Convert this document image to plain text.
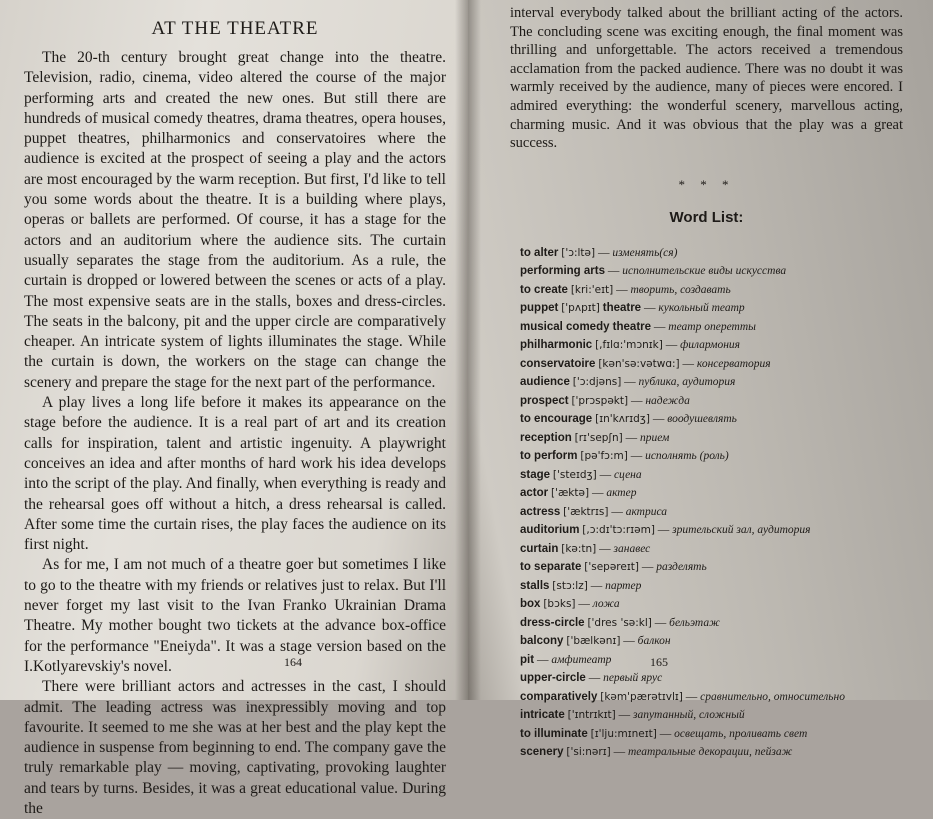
AT THE THEATRE

The 20-th century brought great change into the theatre. Television, radio, cinema, video altered the course of the major performing arts and created the new ones. But still there are hundreds of musical comedy theatres, drama theatres, opera houses, puppet theatres, philharmonics and conservatoires where the audience is excited at the prospect of seeing a play and the actors are most encouraged by the warm reception. But first, I'd like to tell you some words about the theatre. It is a building where plays, operas or ballets are performed. Of course, it has a stage for the actors and an auditorium where the audience sits. The curtain usually separates the stage from the auditorium. As a rule, the curtain is dropped or lowered between the scenes or acts of a play. The most expensive seats are in the stalls, boxes and dress-circles. The seats in the balcony, pit and the upper circle are comparatively cheaper. An intricate system of lights illuminates the stage. While the curtain is down, the workers on the stage can change the scenery and prepare the stage for the next part of the performance.

A play lives a long life before it makes its appearance on the stage before the audience. It is a real part of art and its creation calls for inspiration, talent and artistic ingenuity. A playwright conceives an idea and after months of hard work his idea develops into the script of the play. And finally, when everything is ready and the rehearsal goes off without a hitch, a dress rehearsal is called. After some time the curtain rises, the play faces the audience on its first night.

As for me, I am not much of a theatre goer but sometimes I like to go to the theatre with my friends or relatives just to relax. But I'll never forget my last visit to the Ivan Franko Ukrainian Drama Theatre. My mother bought two tickets at the advance box-office for the performance "Eneiyda". It was a stage version based on the I.Kotlyarevskiy's novel.

There were brilliant actors and actresses in the cast, I should admit. The leading actress was inexpressibly moving and top favourite. It seemed to me she was at her best and the play kept the audience in suspense from beginning to end. The company gave the truly remarkable play — moving, captivating, provoking laughter and tears by turns. Besides, it was a great educational value. During the

164

interval everybody talked about the brilliant acting of the actors. The concluding scene was exciting enough, the final moment was thrilling and unforgettable. The actors received a tremendous acclamation from the packed audience. There was no doubt it was warmly received by the audience, many of pieces were encored. I admired everything: the wonderful scenery, marvellous acting, charming music. And it was obvious that the play was a great success.

* * *
Word List:
to alter ['ɔ:ltə] — изменять(ся)
performing arts — исполнительские виды искусства
to create [kri:'eɪt] — творить, создавать
puppet ['pʌpɪt] theatre — кукольный театр
musical comedy theatre — театр оперетты
philharmonic [,fɪlɑ:'mɔnɪk] — филармония
conservatoire [kən'sə:vətwɑ:] — консерватория
audience ['ɔ:djəns] — публика, аудитория
prospect ['prɔspəkt] — надежда
to encourage [ɪn'kʌrɪdʒ] — воодушевлять
reception [rɪ'sepʃn] — прием
to perform [pə'fɔ:m] — исполнять (роль)
stage ['steɪdʒ] — сцена
actor ['æktə] — актер
actress ['æktrɪs] — актриса
auditorium [,ɔ:dɪ'tɔ:rɪəm] — зрительский зал, аудитория
curtain [kə:tn] — занавес
to separate ['sepəreɪt] — разделять
stalls [stɔ:lz] — партер
box [bɔks] — ложа
dress-circle ['dres 'sə:kl] — бельэтаж
balcony ['bælkənɪ] — балкон
pit — амфитеатр
upper-circle — первый ярус
comparatively [kəm'pærətɪvlɪ] — сравнительно, относительно
intricate ['ɪntrɪkɪt] — запутанный, сложный
to illuminate [ɪ'lju:mɪneɪt] — освещать, проливать свет
scenery ['si:nərɪ] — театральные декорации, пейзаж
165
